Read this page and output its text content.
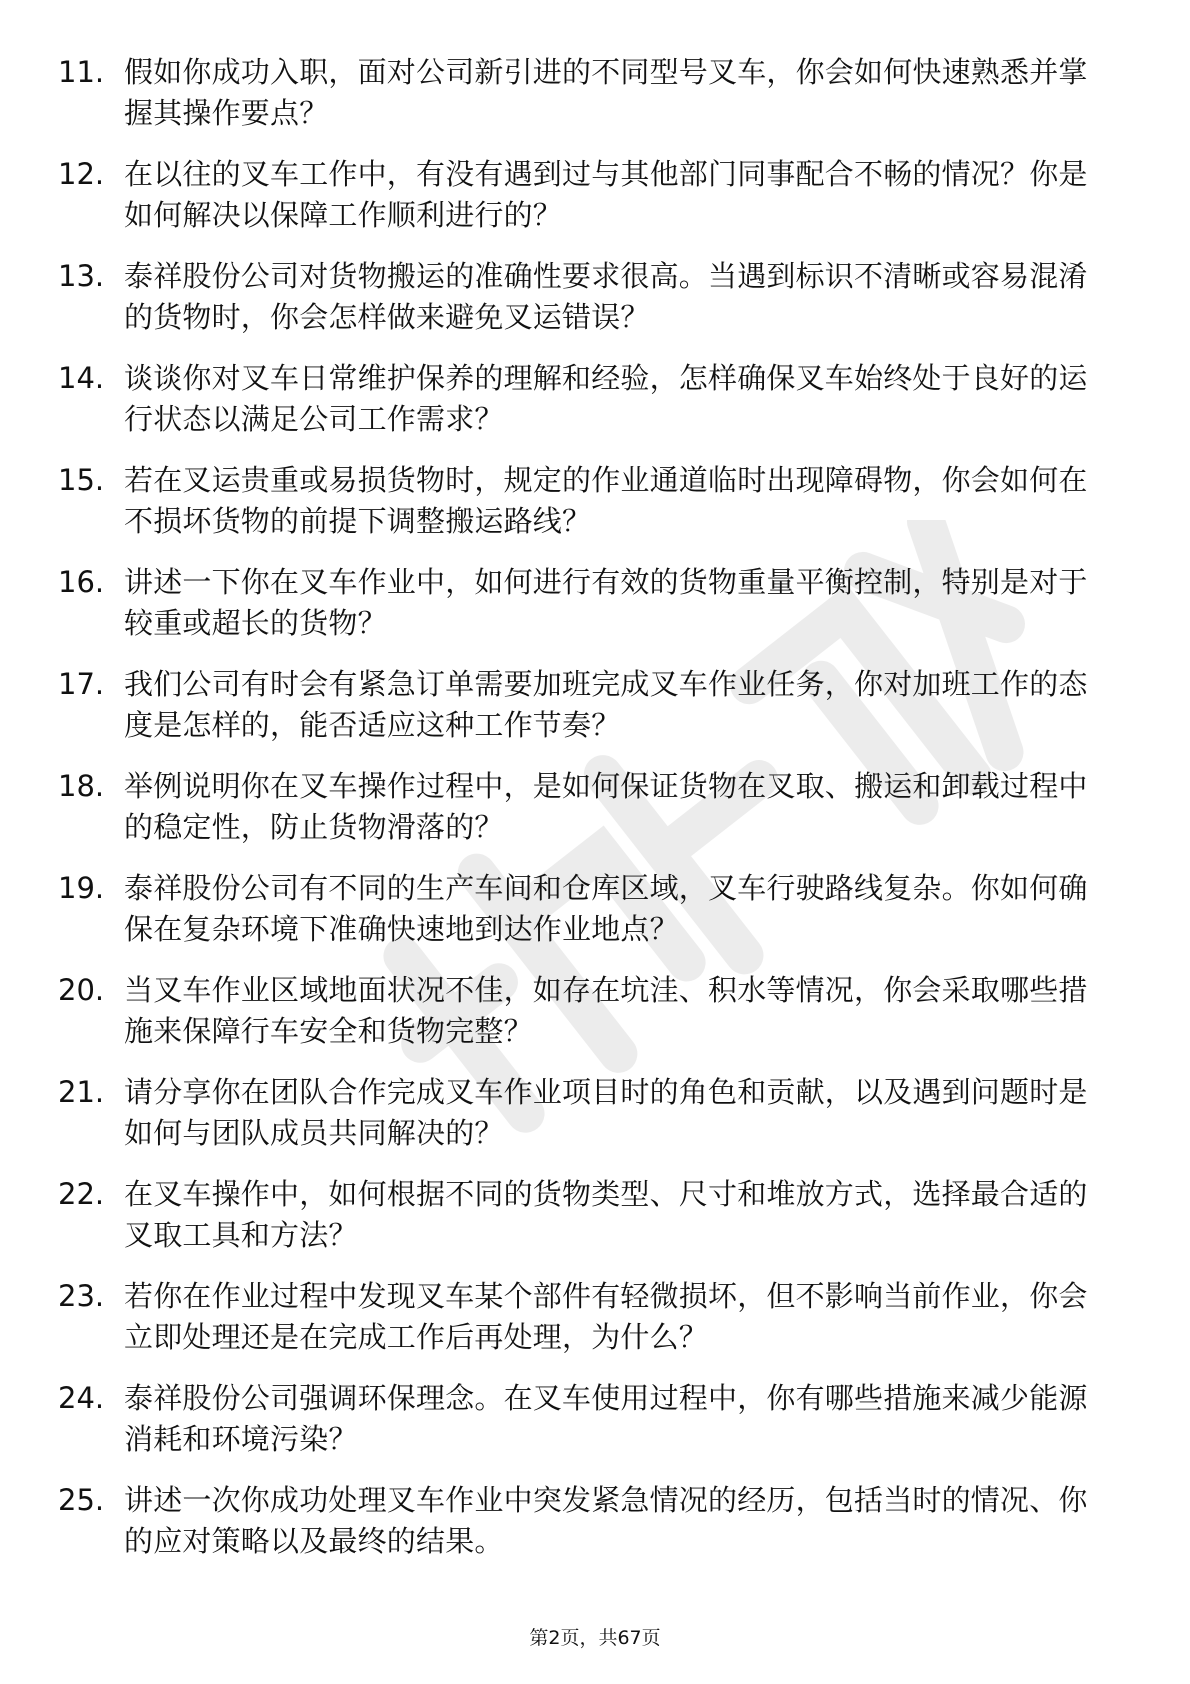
11. 假如你成功入职，面对公司新引进的不同型号叉车，你会如何快速熟悉并掌握其操作要点？
12. 在以往的叉车工作中，有没有遇到过与其他部门同事配合不畅的情况？你是如何解决以保障工作顺利进行的？
13. 泰祥股份公司对货物搬运的准确性要求很高。当遇到标识不清晰或容易混淆的货物时，你会怎样做来避免叉运错误？
14. 谈谈你对叉车日常维护保养的理解和经验，怎样确保叉车始终处于良好的运行状态以满足公司工作需求？
15. 若在叉运贵重或易损货物时，规定的作业通道临时出现障碍物，你会如何在不损坏货物的前提下调整搬运路线？
16. 讲述一下你在叉车作业中，如何进行有效的货物重量平衡控制，特别是对于较重或超长的货物？
17. 我们公司有时会有紧急订单需要加班完成叉车作业任务，你对加班工作的态度是怎样的，能否适应这种工作节奏？
18. 举例说明你在叉车操作过程中，是如何保证货物在叉取、搬运和卸载过程中的稳定性，防止货物滑落的？
19. 泰祥股份公司有不同的生产车间和仓库区域，叉车行驶路线复杂。你如何确保在复杂环境下准确快速地到达作业地点？
20. 当叉车作业区域地面状况不佳，如存在坑洼、积水等情况，你会采取哪些措施来保障行车安全和货物完整？
21. 请分享你在团队合作完成叉车作业项目时的角色和贡献，以及遇到问题时是如何与团队成员共同解决的？
22. 在叉车操作中，如何根据不同的货物类型、尺寸和堆放方式，选择最合适的叉取工具和方法？
23. 若你在作业过程中发现叉车某个部件有轻微损坏，但不影响当前作业，你会立即处理还是在完成工作后再处理，为什么？
24. 泰祥股份公司强调环保理念。在叉车使用过程中，你有哪些措施来减少能源消耗和环境污染？
25. 讲述一次你成功处理叉车作业中突发紧急情况的经历，包括当时的情况、你的应对策略以及最终的结果。
第2页，共67页
